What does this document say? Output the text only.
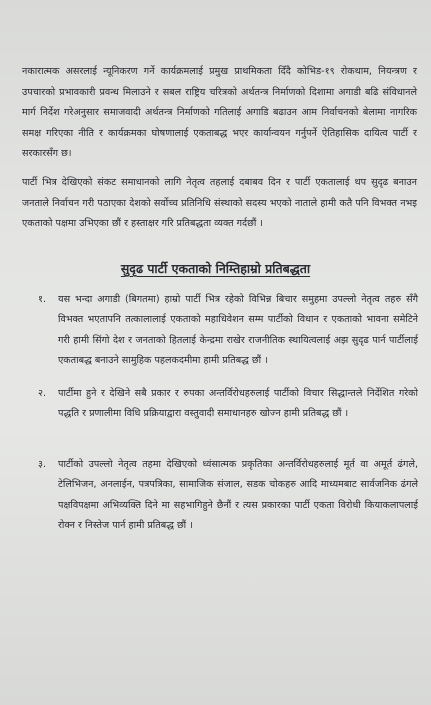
नकारात्मक असरलाई न्यूनिकरण गर्ने कार्यक्रमलाई प्रमुख प्राथमिकता दिँदै कोभिड-१९ रोकथाम, नियन्त्रण र उपचारको प्रभावकारी प्रवन्ध मिलाउने र सबल राष्ट्रिय चरित्रको अर्थतन्त्र निर्माणको दिशामा अगाडी बढि संविधानले मार्ग निर्देश गरेअनुसार समाजवादी अर्थतन्त्र निर्माणको गतिलाई अगाडि बढाउन आम निर्वाचनको बेलामा नागरिक समक्ष गरिएका नीति र कार्यक्रमका घोषणालाई एकताबद्ध भएर कार्यान्वयन गर्नुपर्ने ऐतिहासिक दायित्व पार्टी र सरकारसँग छ।

पार्टी भित्र देखिएको संकट समाधानको लागि नेतृत्व तहलाई दबाबव दिन र पार्टी एकतालाई थप सुदृढ बनाउन जनताले निर्वाचन गरी पठाएका देशको सर्वोच्च प्रतिनिधि संस्थाको सदस्य भएको नाताले हामी कतै पनि विभक्त नभइ एकताको पक्षमा उभिएका छौं र हस्ताक्षर गरि प्रतिबद्धता व्यक्त गर्दछौं ।

सुदृढ पार्टी एकताको निम्तिहाम्रो प्रतिबद्धता
१.	यस भन्दा अगाडी (बिगतमा) हाम्रो पार्टी भित्र रहेको विभिन्न बिचार समुहमा उपल्लो नेतृत्व तहरु सँगै विभक्त भएतापनि तत्कालालाई एकताको महाधिवेशन सम्म पार्टीको विधान र एकताको भावना समेटिने गरी हामी सिंगो देश र जनताको हितलाई केन्द्रमा राखेर राजनीतिक स्थायित्वलाई अझ सुदृढ पार्न पार्टीलाई एकताबद्ध बनाउने सामुहिक पहलकदमीमा हामी प्रतिबद्ध छौं ।
२.	पार्टीमा हुने र देखिने सबै प्रकार र रुपका अन्तर्विरोधहरुलाई पार्टीको विचार सिद्धान्तले निर्देशित गरेको पद्धति र प्रणालीमा विधि प्रक्रियाद्वारा वस्तुवादी समाधानहरु खोज्न हामी प्रतिबद्ध छौं ।
३.	पार्टीको उपल्लो नेतृत्व तहमा देखिएको ध्वंसात्मक प्रकृतिका अन्तर्विरोधहरुलाई मूर्त वा अमूर्त ढंगले, टेलिभिजन, अनलाईन, पत्रपत्रिका, सामाजिक संजाल, सडक चोकहरु आदि माध्यमबाट सार्वजनिक ढंगले पक्षविपक्षमा अभिव्यक्ति दिने मा सहभागिहुने छैनौं र त्यस प्रकारका पार्टी एकता विरोधी कियाकलापलाई रोक्न र निस्तेज पार्न हामी प्रतिबद्ध छौं ।
